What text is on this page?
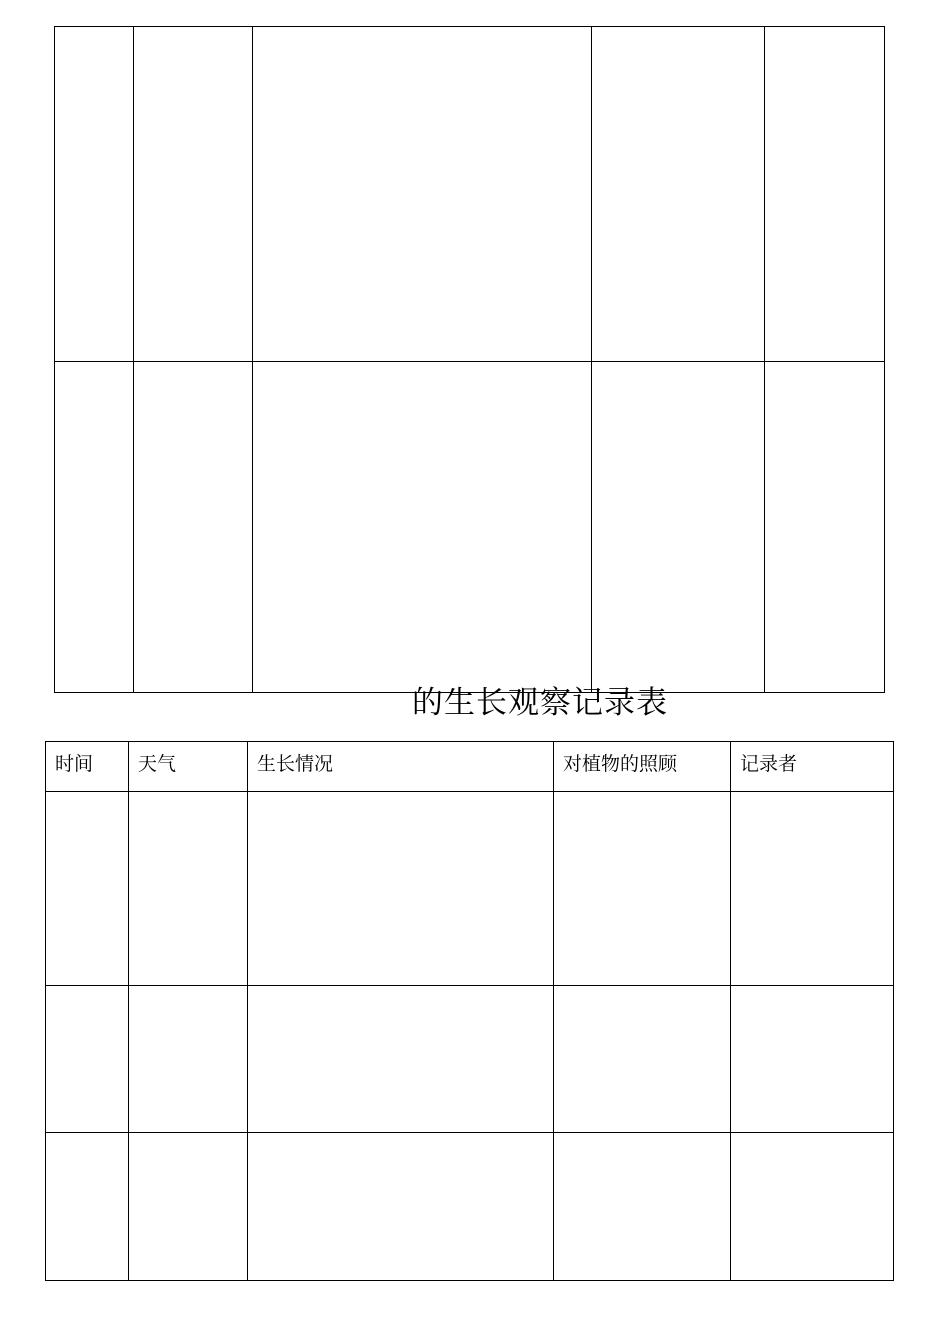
的生长观察记录表
时间	天气	生长情况	对植物的照顾	记录者
